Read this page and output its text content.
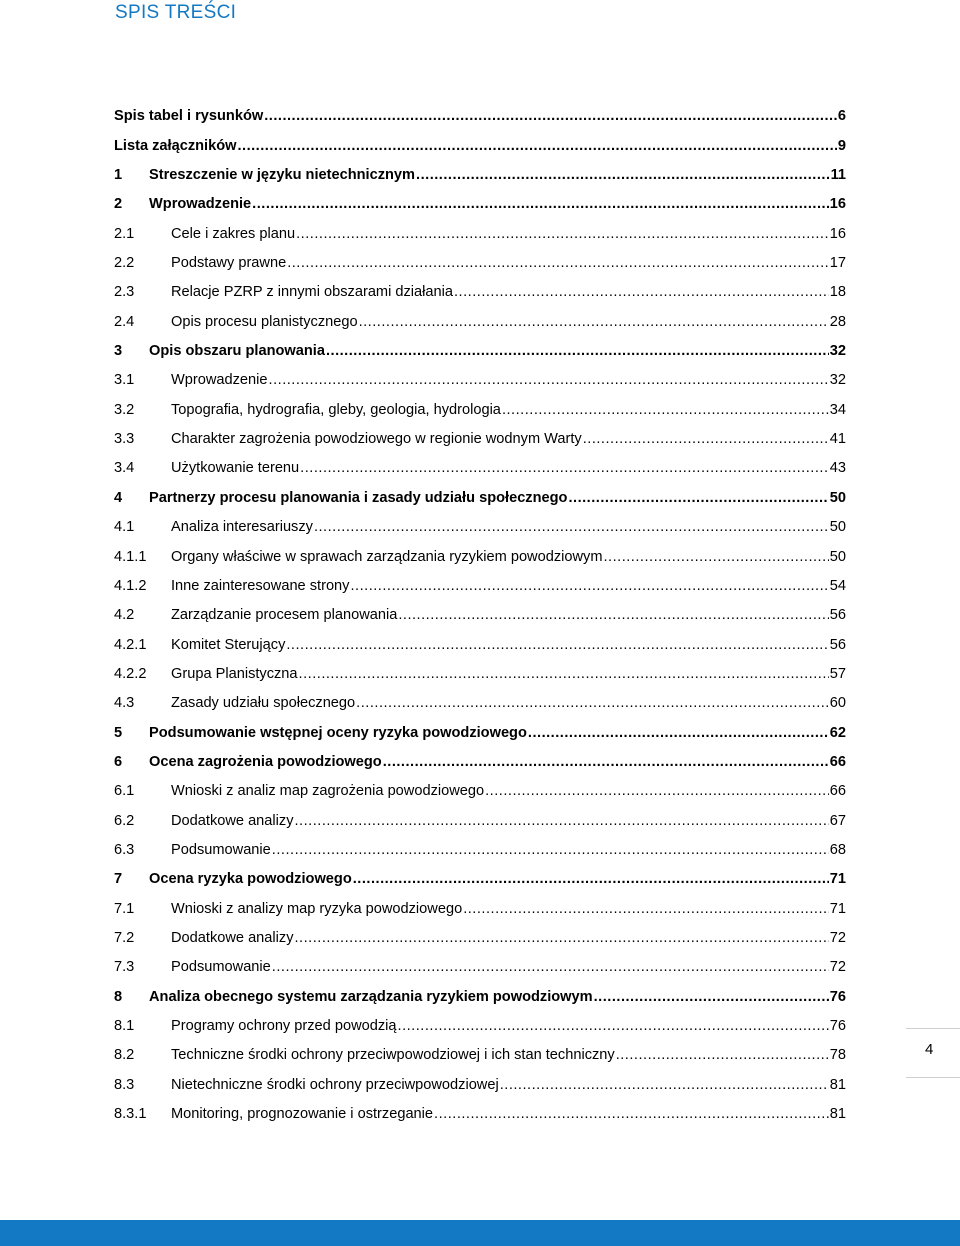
SPIS TREŚCI
Spis tabel i rysunków .....	6
Lista załączników .....	9
1	Streszczenie w języku nietechnicznym .....	11
2	Wprowadzenie .....	16
2.1	Cele i zakres planu .....	16
2.2	Podstawy prawne .....	17
2.3	Relacje PZRP z innymi obszarami działania .....	18
2.4	Opis procesu planistycznego .....	28
3	Opis obszaru planowania .....	32
3.1	Wprowadzenie .....	32
3.2	Topografia, hydrografia, gleby, geologia, hydrologia .....	34
3.3	Charakter zagrożenia powodziowego w regionie wodnym Warty .....	41
3.4	Użytkowanie terenu .....	43
4	Partnerzy procesu planowania i zasady udziału społecznego .....	50
4.1	Analiza interesariuszy .....	50
4.1.1	Organy właściwe w sprawach zarządzania ryzykiem powodziowym .....	50
4.1.2	Inne zainteresowane strony .....	54
4.2	Zarządzanie procesem planowania .....	56
4.2.1	Komitet Sterujący .....	56
4.2.2	Grupa Planistyczna .....	57
4.3	Zasady udziału społecznego .....	60
5	Podsumowanie wstępnej oceny ryzyka powodziowego .....	62
6	Ocena zagrożenia powodziowego .....	66
6.1	Wnioski z analiz map zagrożenia powodziowego .....	66
6.2	Dodatkowe analizy .....	67
6.3	Podsumowanie .....	68
7	Ocena ryzyka powodziowego .....	71
7.1	Wnioski z analizy map ryzyka powodziowego .....	71
7.2	Dodatkowe analizy .....	72
7.3	Podsumowanie .....	72
8	Analiza obecnego systemu zarządzania ryzykiem powodziowym .....	76
8.1	Programy ochrony przed powodzią .....	76
8.2	Techniczne środki ochrony przeciwpowodziowej i ich stan techniczny .....	78
8.3	Nietechniczne środki ochrony przeciwpowodziowej .....	81
8.3.1	Monitoring, prognozowanie i ostrzeganie .....	81
4
